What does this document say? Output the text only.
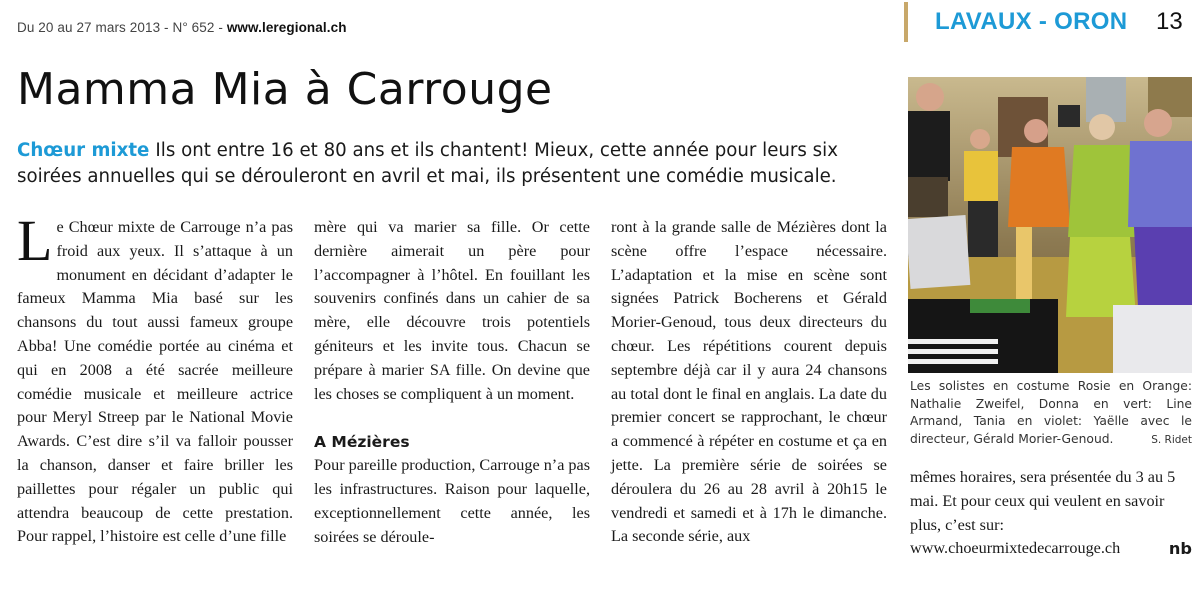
Du 20 au 27 mars 2013 - N° 652 - www.leregional.ch	LAVAUX - ORON 13
Mamma Mia à Carrouge
Chœur mixte Ils ont entre 16 et 80 ans et ils chantent! Mieux, cette année pour leurs six soirées annuelles qui se dérouleront en avril et mai, ils présentent une comédie musicale.
L e Chœur mixte de Carrouge n’a pas froid aux yeux. Il s’attaque à un monument en décidant d’adapter le fameux Mamma Mia basé sur les chansons du tout aussi fameux groupe Abba! Une comédie portée au cinéma et qui en 2008 a été sacrée meilleure comédie musicale et meilleure actrice pour Meryl Streep par le National Movie Awards. C’est dire s’il va falloir pousser la chanson, danser et faire briller les paillettes pour régaler un public qui attendra beaucoup de cette prestation. Pour rappel, l’histoire est celle d’une fille

mère qui va marier sa fille. Or cette dernière aimerait un père pour l’accompagner à l’hôtel. En fouillant les souvenirs confinés dans un cahier de sa mère, elle découvre trois potentiels géniteurs et les invite tous. Chacun se prépare à marier SA fille. On devine que les choses se compliquent à un moment.

A Mézières

Pour pareille production, Carrouge n’a pas les infrastructures. Raison pour laquelle, exceptionnellement cette année, les soirées se déroule-

ront à la grande salle de Mézières dont la scène offre l’espace nécessaire. L’adaptation et la mise en scène sont signées Patrick Bocherens et Gérald Morier-Genoud, tous deux directeurs du chœur. Les répétitions courent depuis septembre déjà car il y aura 24 chansons au total dont le final en anglais. La date du premier concert se rapprochant, le chœur a commencé à répéter en costume et ça en jette. La première série de soirées se déroulera du 26 au 28 avril à 20h15 le vendredi et samedi et à 17h le dimanche. La seconde série, aux

Les solistes en costume Rosie en Orange: Nathalie Zweifel, Donna en vert: Line Armand, Tania en violet: Yaëlle avec le directeur, Gérald Morier-Genoud.	S. Ridet

mêmes horaires, sera présentée du 3 au 5 mai. Et pour ceux qui veulent en savoir plus, c’est sur:

www.choeurmixtedecarrouge.ch	nb
